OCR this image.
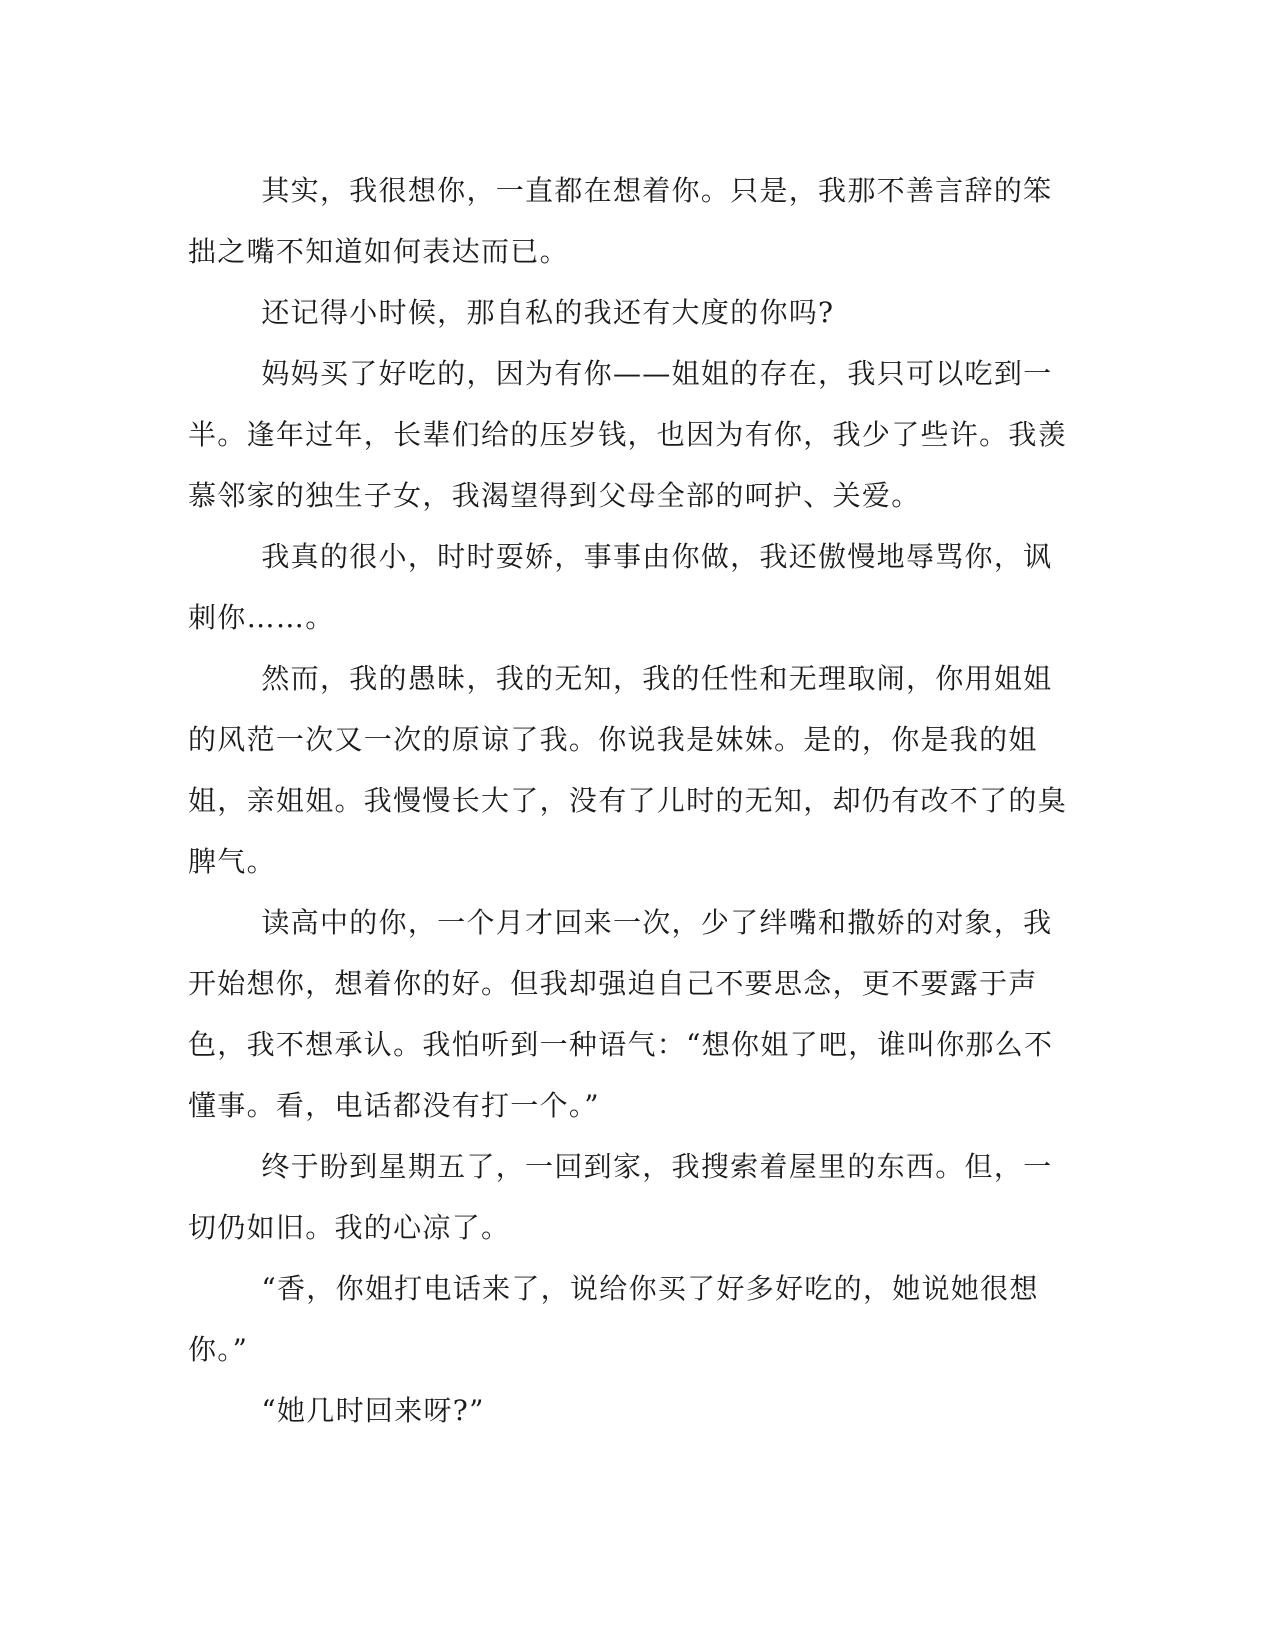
其实，我很想你，一直都在想着你。只是，我那不善言辞的笨拙之嘴不知道如何表达而已。

还记得小时候，那自私的我还有大度的你吗?

妈妈买了好吃的，因为有你——姐姐的存在，我只可以吃到一半。逢年过年，长辈们给的压岁钱，也因为有你，我少了些许。我羡慕邻家的独生子女，我渴望得到父母全部的呵护、关爱。

我真的很小，时时耍娇，事事由你做，我还傲慢地辱骂你，讽刺你……。

然而，我的愚昧，我的无知，我的任性和无理取闹，你用姐姐的风范一次又一次的原谅了我。你说我是妹妹。是的，你是我的姐姐，亲姐姐。我慢慢长大了，没有了儿时的无知，却仍有改不了的臭脾气。

读高中的你，一个月才回来一次，少了绊嘴和撒娇的对象，我开始想你，想着你的好。但我却强迫自己不要思念，更不要露于声色，我不想承认。我怕听到一种语气：“想你姐了吧，谁叫你那么不懂事。看，电话都没有打一个。”

终于盼到星期五了，一回到家，我搜索着屋里的东西。但，一切仍如旧。我的心凉了。

“香，你姐打电话来了，说给你买了好多好吃的，她说她很想你。”

“她几时回来呀?”
